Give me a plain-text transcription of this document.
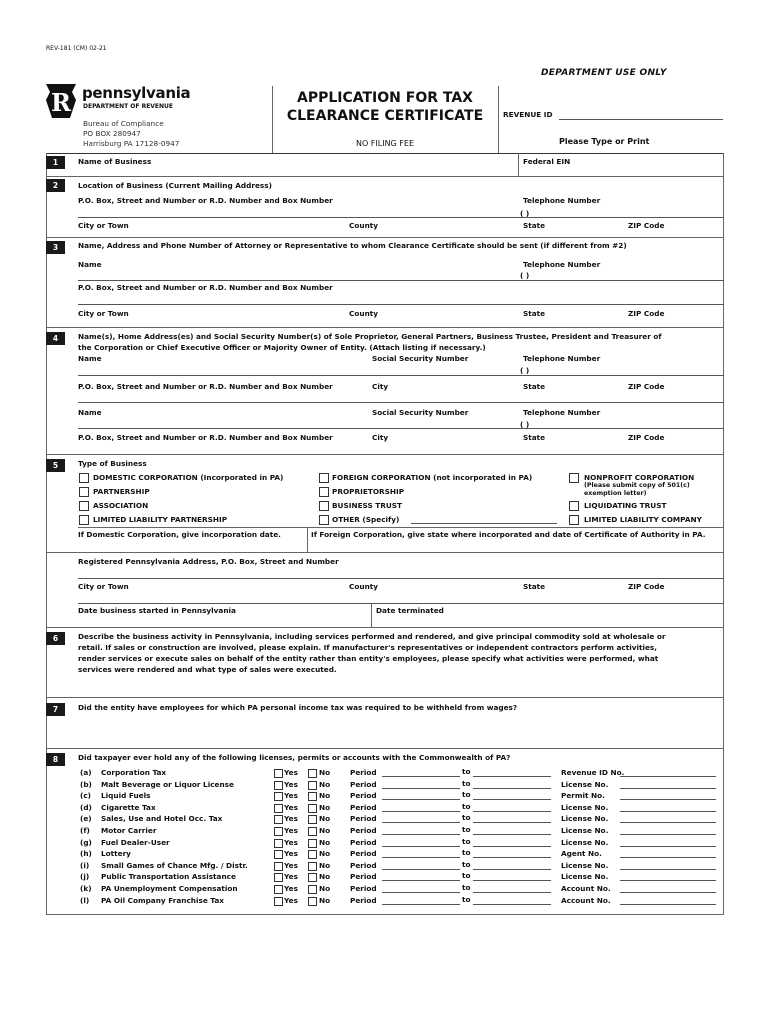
REV-181 (CM) 02-21
DEPARTMENT USE ONLY
R pennsylvania
DEPARTMENT OF REVENUE
Bureau of Compliance
PO BOX 280947
Harrisburg PA 17128-0947
APPLICATION FOR TAX
CLEARANCE CERTIFICATE
NO FILING FEE
REVENUE ID
Please Type or Print
1	Name of Business	Federal EIN
2	Location of Business (Current Mailing Address)
P.O. Box, Street and Number or R.D. Number and Box Number	Telephone Number
( )
City or Town	County	State	ZIP Code
3	Name, Address and Phone Number of Attorney or Representative to whom Clearance Certificate should be sent (if different from #2)
Name	Telephone Number
( )
P.O. Box, Street and Number or R.D. Number and Box Number
City or Town	County	State	ZIP Code
4	Name(s), Home Address(es) and Social Security Number(s) of Sole Proprietor, General Partners, Business Trustee, President and Treasurer of
the Corporation or Chief Executive Officer or Majority Owner of Entity. (Attach listing if necessary.)
Name	Social Security Number	Telephone Number
( )
P.O. Box, Street and Number or R.D. Number and Box Number	City	State	ZIP Code
Name	Social Security Number	Telephone Number
( )
P.O. Box, Street and Number or R.D. Number and Box Number	City	State	ZIP Code
5	Type of Business
DOMESTIC CORPORATION (Incorporated in PA)
PARTNERSHIP
ASSOCIATION
LIMITED LIABILITY PARTNERSHIP
FOREIGN CORPORATION (not incorporated in PA)
PROPRIETORSHIP
BUSINESS TRUST
OTHER (Specify)
NONPROFIT CORPORATION
(Please submit copy of 501(c)
exemption letter)
LIQUIDATING TRUST
LIMITED LIABILITY COMPANY
If Domestic Corporation, give incorporation date.	If Foreign Corporation, give state where incorporated and date of Certificate of Authority in PA.
Registered Pennsylvania Address, P.O. Box, Street and Number
City or Town	County	State	ZIP Code
Date business started in Pennsylvania	Date terminated
6	Describe the business activity in Pennsylvania, including services performed and rendered, and give principal commodity sold at wholesale or
retail. If sales or construction are involved, please explain. If manufacturer's representatives or independent contractors perform activities,
render services or execute sales on behalf of the entity rather than entity's employees, please specify what activities were performed, what
services were rendered and what type of sales were executed.
7	Did the entity have employees for which PA personal income tax was required to be withheld from wages?
8	Did taxpayer ever hold any of the following licenses, permits or accounts with the Commonwealth of PA?
(a) Corporation Tax	Yes	No	Period	to	Revenue ID No.
(b) Malt Beverage or Liquor License	Yes	No	Period	to	License No.
(c) Liquid Fuels	Yes	No	Period	to	Permit No.
(d) Cigarette Tax	Yes	No	Period	to	License No.
(e) Sales, Use and Hotel Occ. Tax	Yes	No	Period	to	License No.
(f) Motor Carrier	Yes	No	Period	to	License No.
(g) Fuel Dealer-User	Yes	No	Period	to	License No.
(h) Lottery	Yes	No	Period	to	Agent No.
(i) Small Games of Chance Mfg. / Distr.	Yes	No	Period	to	License No.
(j) Public Transportation Assistance	Yes	No	Period	to	License No.
(k) PA Unemployment Compensation	Yes	No	Period	to	Account No.
(l) PA Oil Company Franchise Tax	Yes	No	Period	to	Account No.
